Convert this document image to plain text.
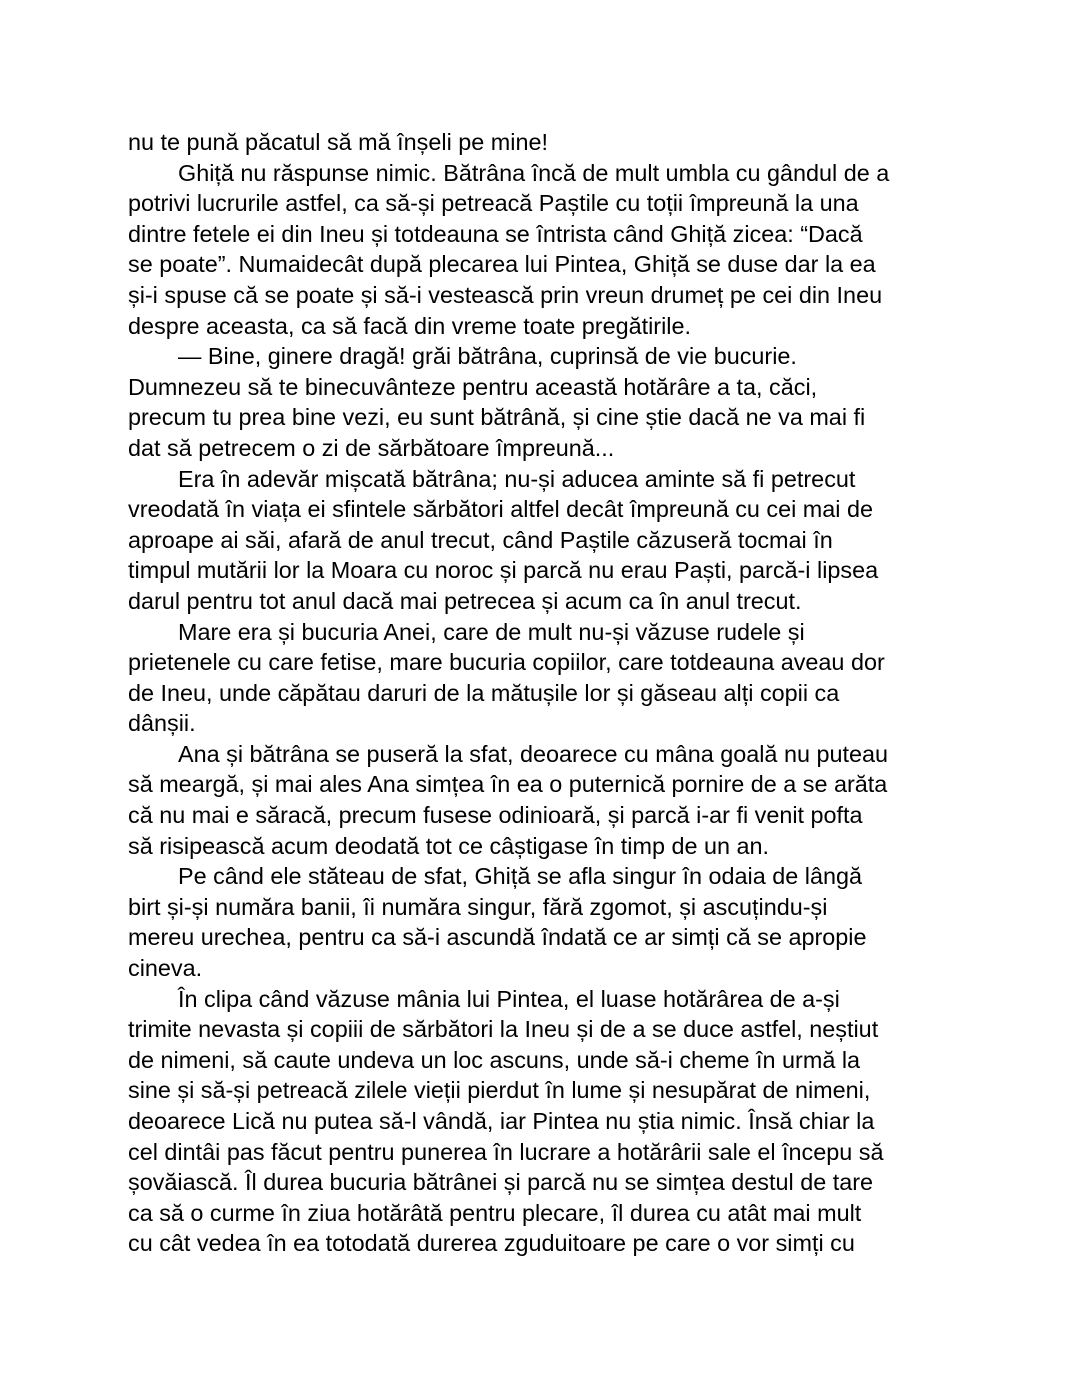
nu te pună păcatul să mă înșeli pe mine!
Ghiță nu răspunse nimic. Bătrâna încă de mult umbla cu gândul de a
potrivi lucrurile astfel, ca să-și petreacă Paștile cu toții împreună la una
dintre fetele ei din Ineu și totdeauna se întrista când Ghiță zicea: “Dacă
se poate”. Numaidecât după plecarea lui Pintea, Ghiță se duse dar la ea
și-i spuse că se poate și să-i vestească prin vreun drumeț pe cei din Ineu
despre aceasta, ca să facă din vreme toate pregătirile.
— Bine, ginere dragă! grăi bătrâna, cuprinsă de vie bucurie.
Dumnezeu să te binecuvânteze pentru această hotărâre a ta, căci,
precum tu prea bine vezi, eu sunt bătrână, și cine știe dacă ne va mai fi
dat să petrecem o zi de sărbătoare împreună...
Era în adevăr mișcată bătrâna; nu-și aducea aminte să fi petrecut
vreodată în viața ei sfintele sărbători altfel decât împreună cu cei mai de
aproape ai săi, afară de anul trecut, când Paștile căzuseră tocmai în
timpul mutării lor la Moara cu noroc și parcă nu erau Paști, parcă-i lipsea
darul pentru tot anul dacă mai petrecea și acum ca în anul trecut.
Mare era și bucuria Anei, care de mult nu-și văzuse rudele și
prietenele cu care fetise, mare bucuria copiilor, care totdeauna aveau dor
de Ineu, unde căpătau daruri de la mătușile lor și găseau alți copii ca
dânșii.
Ana și bătrâna se puseră la sfat, deoarece cu mâna goală nu puteau
să meargă, și mai ales Ana simțea în ea o puternică pornire de a se arăta
că nu mai e săracă, precum fusese odinioară, și parcă i-ar fi venit pofta
să risipească acum deodată tot ce câștigase în timp de un an.
Pe când ele stăteau de sfat, Ghiță se afla singur în odaia de lângă
birt și-și număra banii, îi număra singur, fără zgomot, și ascuțindu-și
mereu urechea, pentru ca să-i ascundă îndată ce ar simți că se apropie
cineva.
În clipa când văzuse mânia lui Pintea, el luase hotărârea de a-și
trimite nevasta și copiii de sărbători la Ineu și de a se duce astfel, neștiut
de nimeni, să caute undeva un loc ascuns, unde să-i cheme în urmă la
sine și să-și petreacă zilele vieții pierdut în lume și nesupărat de nimeni,
deoarece Lică nu putea să-l vândă, iar Pintea nu știa nimic. Însă chiar la
cel dintâi pas făcut pentru punerea în lucrare a hotărârii sale el începu să
șovăiască. Îl durea bucuria bătrânei și parcă nu se simțea destul de tare
ca să o curme în ziua hotărâtă pentru plecare, îl durea cu atât mai mult
cu cât vedea în ea totodată durerea zguduitoare pe care o vor simți cu
